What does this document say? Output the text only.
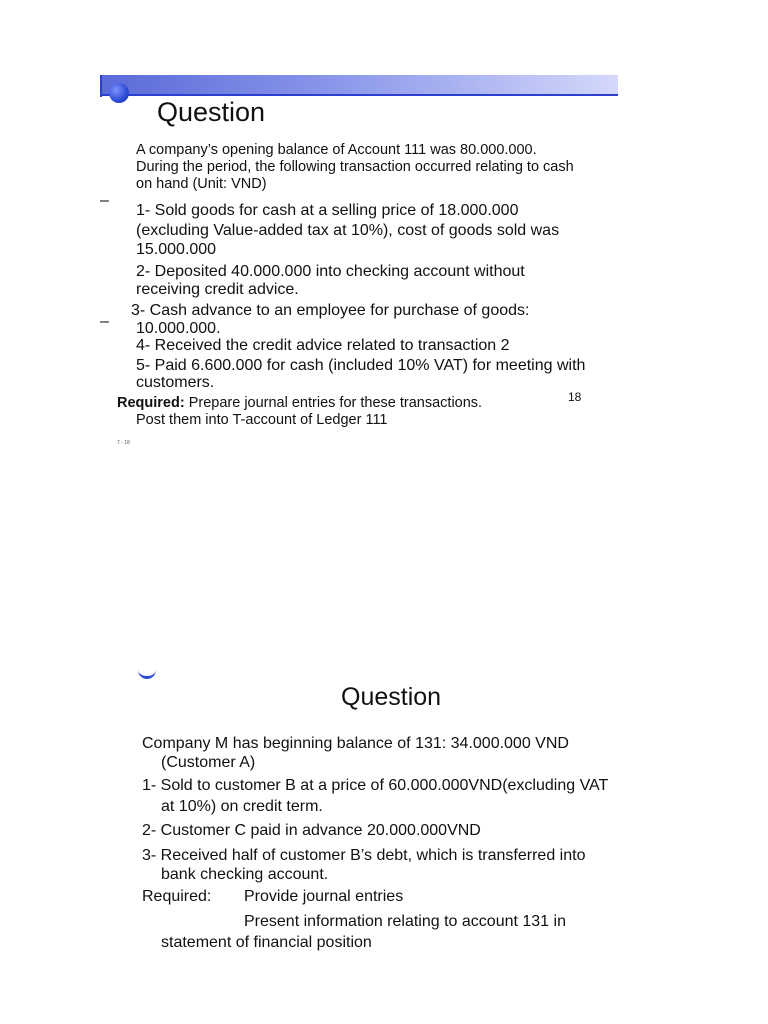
Question
A company’s opening balance of Account 111 was 80.000.000.
During the period, the following transaction occurred relating to cash
on hand (Unit: VND)
–
–
1- Sold goods for cash at a selling price of 18.000.000
(excluding Value-added tax at 10%), cost of goods sold was
15.000.000
2- Deposited 40.000.000 into checking account without
receiving credit advice.
3- Cash advance to an employee for purchase of goods:
10.000.000.
4- Received the credit advice related to transaction 2
5- Paid 6.600.000 for cash (included 10% VAT) for meeting with
customers.
Required: Prepare journal entries for these transactions.
Post them into T-account of Ledger 111
18
7 - 18
Question
Company M has beginning balance of 131: 34.000.000 VND
(Customer A)
1- Sold to customer B at a price of 60.000.000VND(excluding VAT
at 10%) on credit term.
2- Customer C paid in advance 20.000.000VND
3- Received half of customer B’s debt, which is transferred into
bank checking account.
Required: Provide journal entries
Present information relating to account 131 in
statement of financial position
